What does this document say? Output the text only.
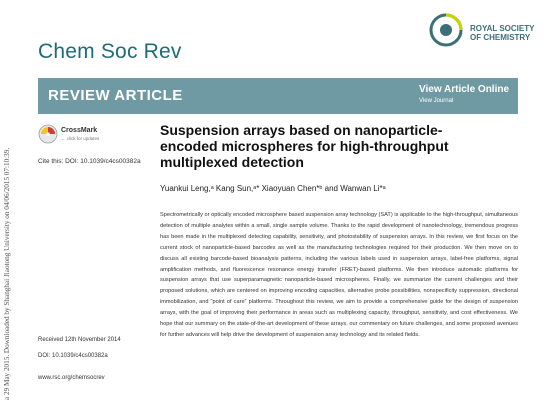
Chem Soc Rev
ROYAL SOCIETY
OF CHEMISTRY
REVIEW ARTICLE	View Article Online
View Journal
a 29 May 2015. Downloaded by Shanghai Jiaotong University on 04/06/2015 07:10:39.
CrossMark
← click for updates
Cite this: DOI: 10.1039/c4cs00382a
Suspension arrays based on nanoparticle-encoded microspheres for high-throughput multiplexed detection
Yuankui Leng,ᵃ Kang Sun,ᵃ* Xiaoyuan Chen*ᵇ and Wanwan Li*ᵃ
Spectrometrically or optically encoded microsphere based suspension array technology (SAT) is applicable to the high-throughput, simultaneous detection of multiple analytes within a small, single sample volume. Thanks to the rapid development of nanotechnology, tremendous progress has been made in the multiplexed detecting capability, sensitivity, and photostability of suspension arrays. In this review, we first focus on the current stock of nanoparticle-based barcodes as well as the manufacturing technologies required for their production. We then move on to discuss all existing barcode-based bioanalysis patterns, including the various labels used in suspension arrays, label-free platforms, signal amplification methods, and fluorescence resonance energy transfer (FRET)-based platforms. We then introduce automatic platforms for suspension arrays that use superparamagnetic nanoparticle-based microspheres. Finally, we summarize the current challenges and their proposed solutions, which are centered on improving encoding capacities, alternative probe possibilities, nonspecificity suppression, directional immobilization, and “point of care” platforms. Throughout this review, we aim to provide a comprehensive guide for the design of suspension arrays, with the goal of improving their performance in areas such as multiplexing capacity, throughput, sensitivity, and cost effectiveness. We hope that our summary on the state-of-the-art development of these arrays, our commentary on future challenges, and some proposed avenues for further advances will help drive the development of suspension array technology and its related fields.
Received 12th November 2014
DOI: 10.1039/c4cs00382a
www.rsc.org/chemsocrev
